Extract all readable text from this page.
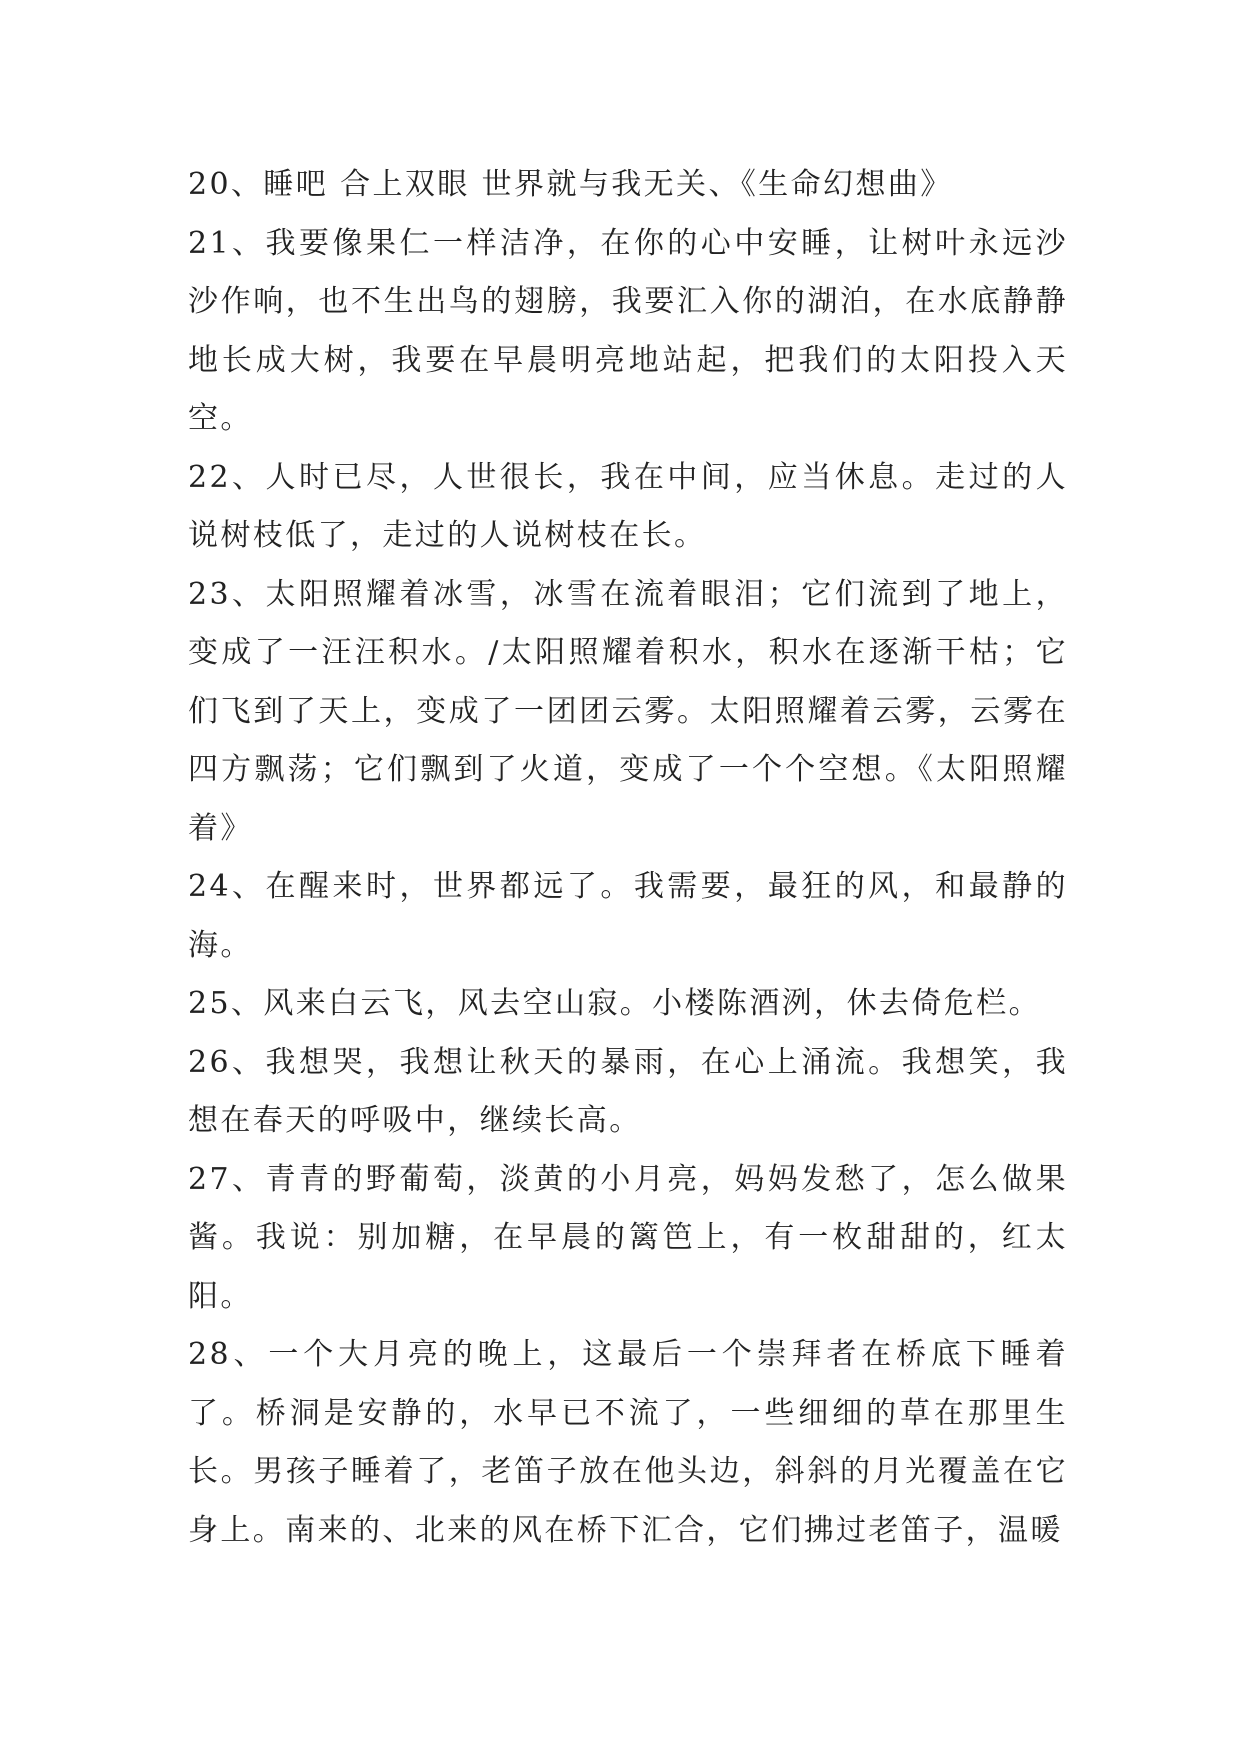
20、睡吧 合上双眼 世界就与我无关、《生命幻想曲》

21、我要像果仁一样洁净，在你的心中安睡，让树叶永远沙沙作响，也不生出鸟的翅膀，我要汇入你的湖泊，在水底静静地长成大树，我要在早晨明亮地站起，把我们的太阳投入天空。

22、人时已尽，人世很长，我在中间，应当休息。走过的人说树枝低了，走过的人说树枝在长。

23、太阳照耀着冰雪，冰雪在流着眼泪；它们流到了地上，变成了一汪汪积水。/太阳照耀着积水，积水在逐渐干枯；它们飞到了天上，变成了一团团云雾。太阳照耀着云雾，云雾在四方飘荡；它们飘到了火道，变成了一个个空想。《太阳照耀着》

24、在醒来时，世界都远了。我需要，最狂的风，和最静的海。

25、风来白云飞，风去空山寂。小楼陈酒洌，休去倚危栏。

26、我想哭，我想让秋天的暴雨，在心上涌流。我想笑，我想在春天的呼吸中，继续长高。

27、青青的野葡萄，淡黄的小月亮，妈妈发愁了，怎么做果酱。我说：别加糖，在早晨的篱笆上，有一枚甜甜的，红太阳。

28、一个大月亮的晚上，这最后一个崇拜者在桥底下睡着了。桥洞是安静的，水早已不流了，一些细细的草在那里生长。男孩子睡着了，老笛子放在他头边，斜斜的月光覆盖在它身上。南来的、北来的风在桥下汇合，它们拂过老笛子，温暖
